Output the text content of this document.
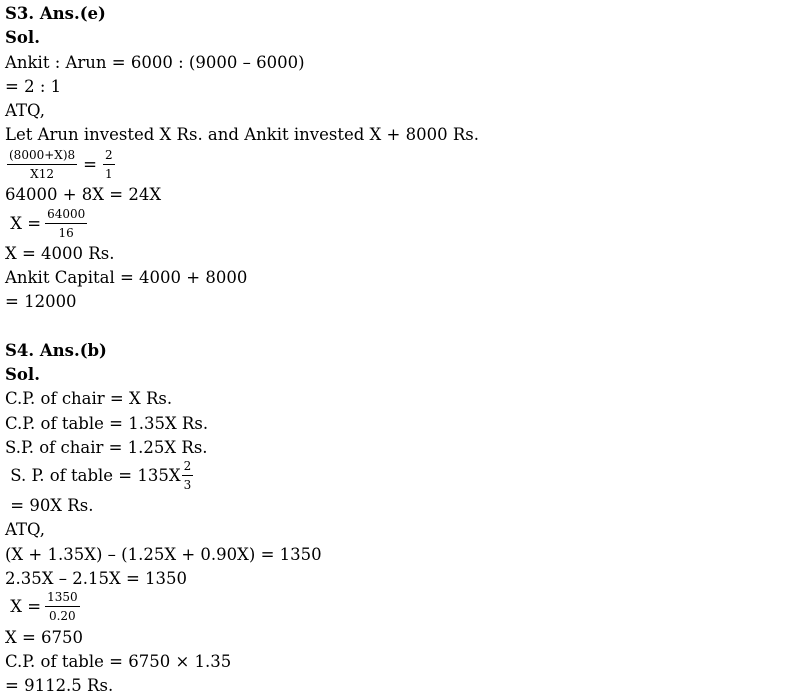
S3. Ans.(e)
Sol.
Ankit : Arun = 6000 : (9000 – 6000)
= 2 : 1
ATQ,
Let Arun invested X Rs. and Ankit invested X + 8000 Rs.
$\frac{(8000+X)8}{X12} = \frac{2}{1}$
64000 + 8X = 24X
$X = \frac{64000}{16}$
X = 4000 Rs.
Ankit Capital = 4000 + 8000
= 12000
S4. Ans.(b)
Sol.
C.P. of chair = X Rs.
C.P. of table = 1.35X Rs.
S.P. of chair = 1.25X Rs.
S. P. of table = $135X \frac{2}{3}$
= 90X Rs.
ATQ,
(X + 1.35X) – (1.25X + 0.90X) = 1350
2.35X – 2.15X = 1350
$X = \frac{1350}{0.20}$
X = 6750
C.P. of table = 6750 × 1.35
= 9112.5 Rs.
